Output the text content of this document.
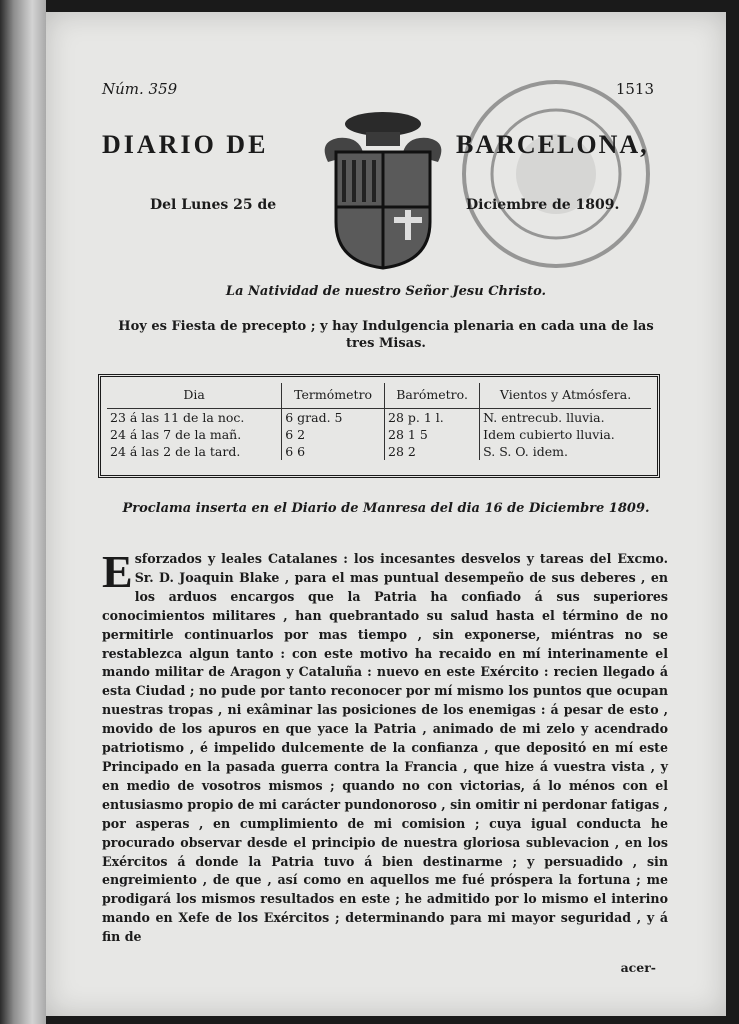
Núm. 359	1513
DIARIO DE	BARCELONA,
Del Lunes 25 de	Diciembre de 1809.
La Natividad de nuestro Señor Jesu Christo.
Hoy es Fiesta de precepto ; y hay Indulgencia plenaria en cada una de las tres Misas.
Dia	Termómetro	Barómetro.	Vientos y Atmósfera.
23 á las 11 de la noc.	6 grad. 5	28 p. 1 l.	N. entrecub. lluvia.
24 á las 7 de la mañ.	6 2	28 1 5	Idem cubierto lluvia.
24 á las 2 de la tard.	6 6	28 2	S. S. O. idem.
Proclama inserta en el Diario de Manresa del dia 16 de Diciembre 1809.
E sforzados y leales Catalanes : los incesantes desvelos y tareas del Excmo. Sr. D. Joaquin Blake , para el mas puntual desempeño de sus deberes , en los arduos encargos que la Patria ha confiado á sus superiores conocimientos militares , han quebrantado su salud hasta el término de no permitirle continuarlos por mas tiempo , sin exponerse, miéntras no se restablezca algun tanto : con este motivo ha recaido en mí interinamente el mando militar de Aragon y Cataluña : nuevo en este Exército : recien llegado á esta Ciudad ; no pude por tanto reconocer por mí mismo los puntos que ocupan nuestras tropas , ni exâminar las posiciones de los enemigas : á pesar de esto , movido de los apuros en que yace la Patria , animado de mi zelo y acendrado patriotismo , é impelido dulcemente de la confianza , que depositó en mí este Principado en la pasada guerra contra la Francia , que hize á vuestra vista , y en medio de vosotros mismos ; quando no con victorias, á lo ménos con el entusiasmo propio de mi carácter pundonoroso , sin omitir ni perdonar fatigas , por asperas , en cumplimiento de mi comision ; cuya igual conducta he procurado observar desde el principio de nuestra gloriosa sublevacion , en los Exércitos á donde la Patria tuvo á bien destinarme ; y persuadido , sin engreimiento , de que , así como en aquellos me fué próspera la fortuna ; me prodigará los mismos resultados en este ; he admitido por lo mismo el interino mando en Xefe de los Exércitos ; determinando para mi mayor seguridad , y á fin de

acer-
